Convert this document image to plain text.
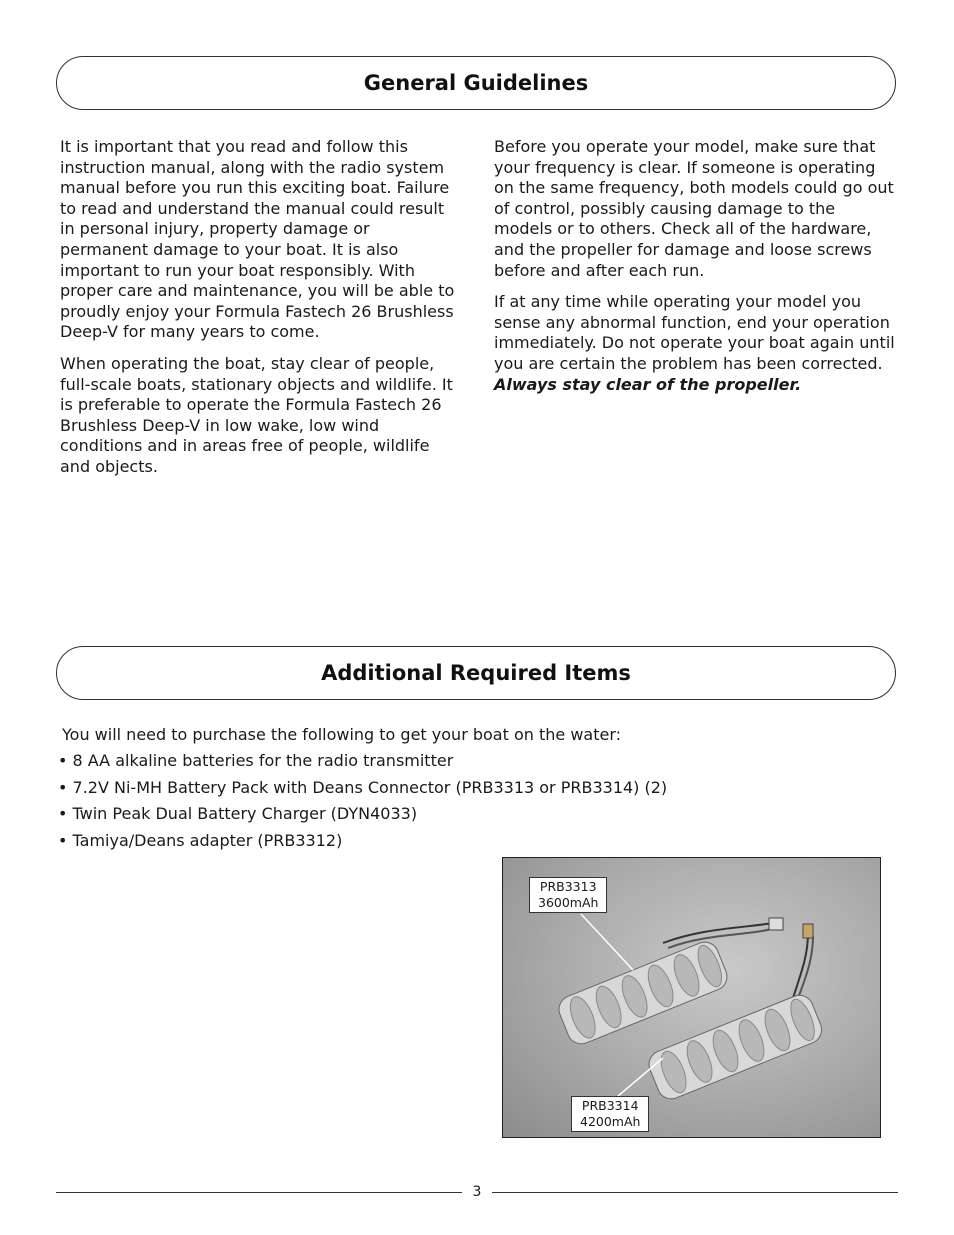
General Guidelines

It is important that you read and follow this instruction manual, along with the radio system manual before you run this exciting boat. Failure to read and understand the manual could result in personal injury, property damage or permanent damage to your boat. It is also important to run your boat responsibly. With proper care and maintenance, you will be able to proudly enjoy your Formula Fastech 26 Brushless Deep-V for many years to come.

When operating the boat, stay clear of people, full-scale boats, stationary objects and wildlife. It is preferable to operate the Formula Fastech 26 Brushless Deep-V in low wake, low wind conditions and in areas free of people, wildlife and objects.

Before you operate your model, make sure that your frequency is clear. If someone is operating on the same frequency, both models could go out of control, possibly causing damage to the models or to others. Check all of the hardware, and the propeller for damage and loose screws before and after each run.

If at any time while operating your model you sense any abnormal function, end your operation immediately. Do not operate your boat again until you are certain the problem has been corrected. Always stay clear of the propeller.

Additional Required Items

You will need to purchase the following to get your boat on the water:

• 8 AA alkaline batteries for the radio transmitter
• 7.2V Ni-MH Battery Pack with Deans Connector (PRB3313 or PRB3314) (2)
• Twin Peak Dual Battery Charger (DYN4033)
• Tamiya/Deans adapter (PRB3312)
PRB3313
3600mAh
PRB3314
4200mAh
3
